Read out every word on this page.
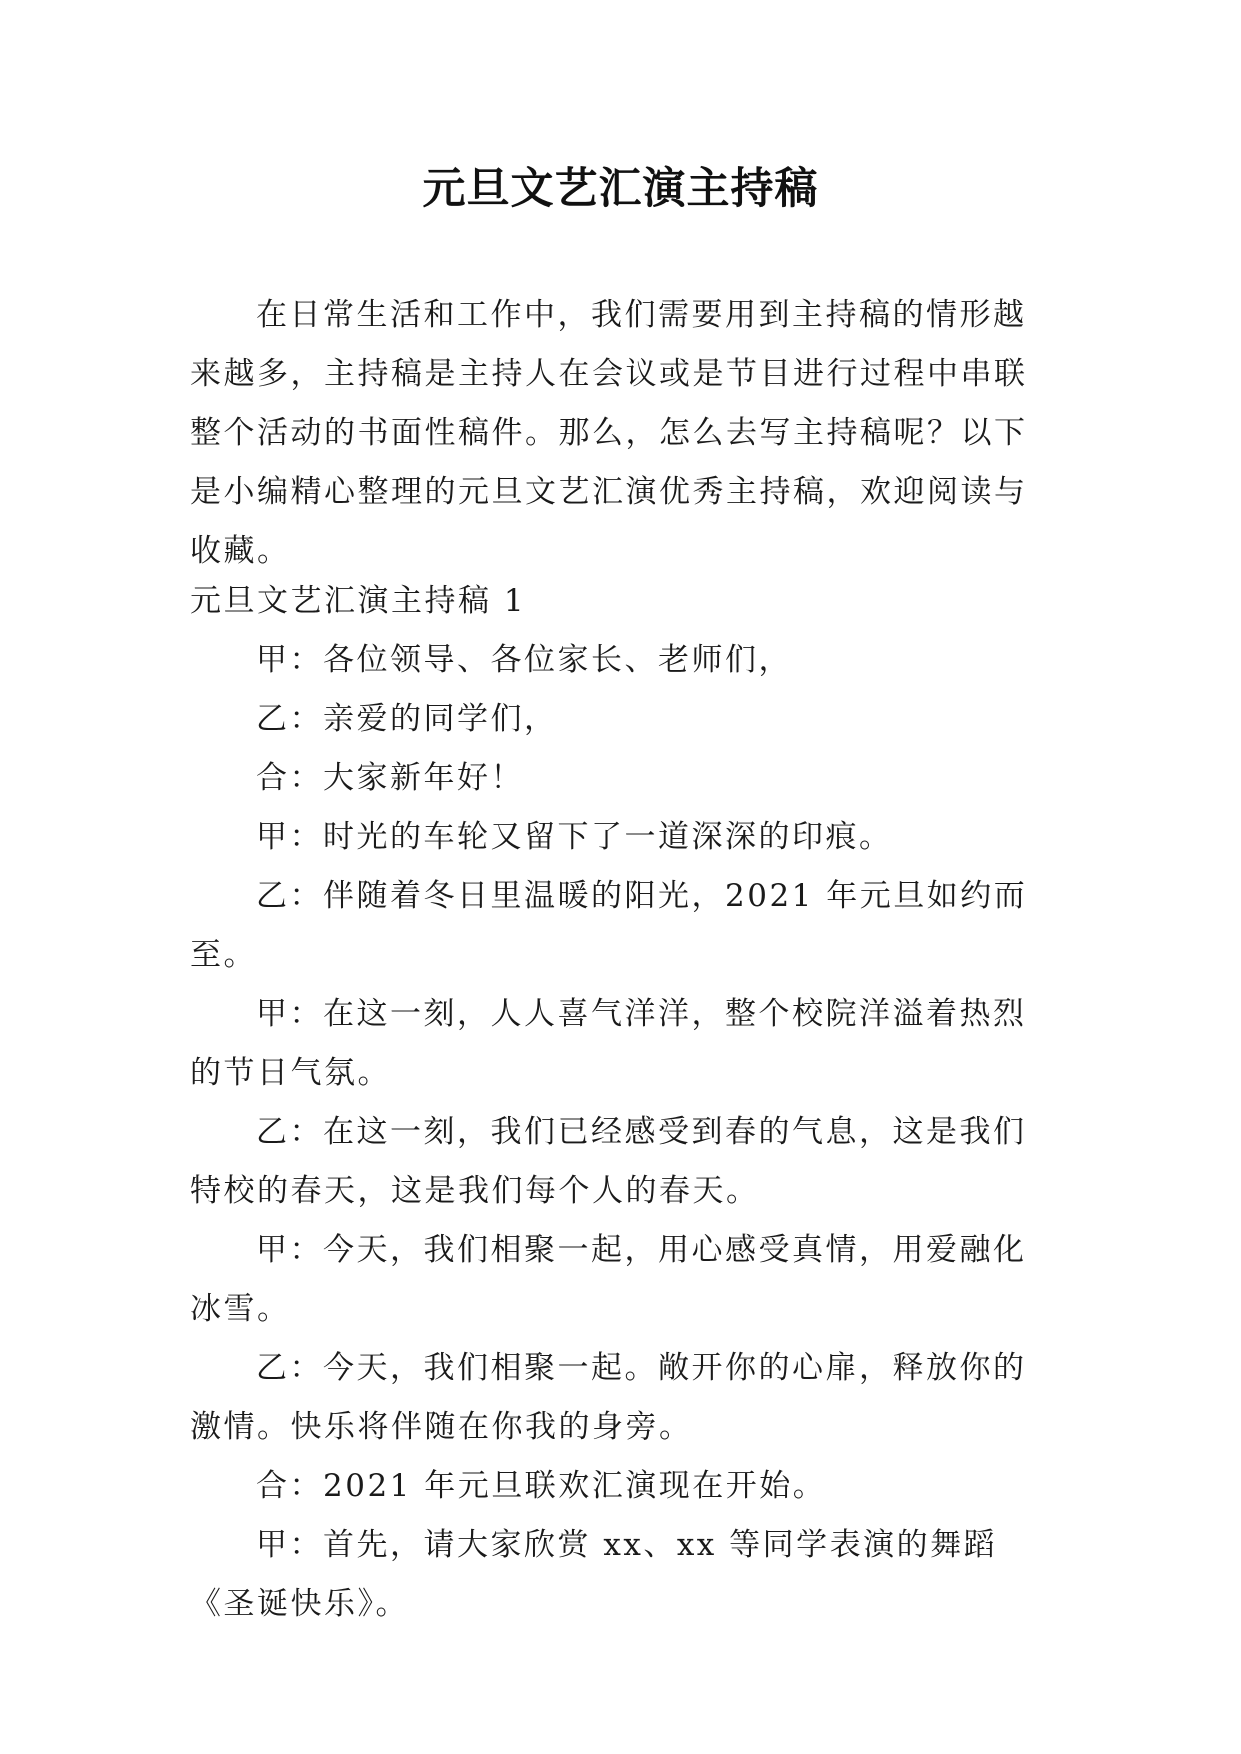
元旦文艺汇演主持稿

在日常生活和工作中，我们需要用到主持稿的情形越来越多，主持稿是主持人在会议或是节目进行过程中串联整个活动的书面性稿件。那么，怎么去写主持稿呢？以下是小编精心整理的元旦文艺汇演优秀主持稿，欢迎阅读与收藏。

元旦文艺汇演主持稿 1

甲：各位领导、各位家长、老师们，

乙：亲爱的同学们，

合：大家新年好！

甲：时光的车轮又留下了一道深深的印痕。

乙：伴随着冬日里温暖的阳光，2021 年元旦如约而至。

甲：在这一刻，人人喜气洋洋，整个校院洋溢着热烈的节日气氛。

乙：在这一刻，我们已经感受到春的气息，这是我们特校的春天，这是我们每个人的春天。

甲：今天，我们相聚一起，用心感受真情，用爱融化冰雪。

乙：今天，我们相聚一起。敞开你的心扉，释放你的激情。快乐将伴随在你我的身旁。

合：2021 年元旦联欢汇演现在开始。

甲：首先，请大家欣赏 xx、xx 等同学表演的舞蹈《圣诞快乐》。
